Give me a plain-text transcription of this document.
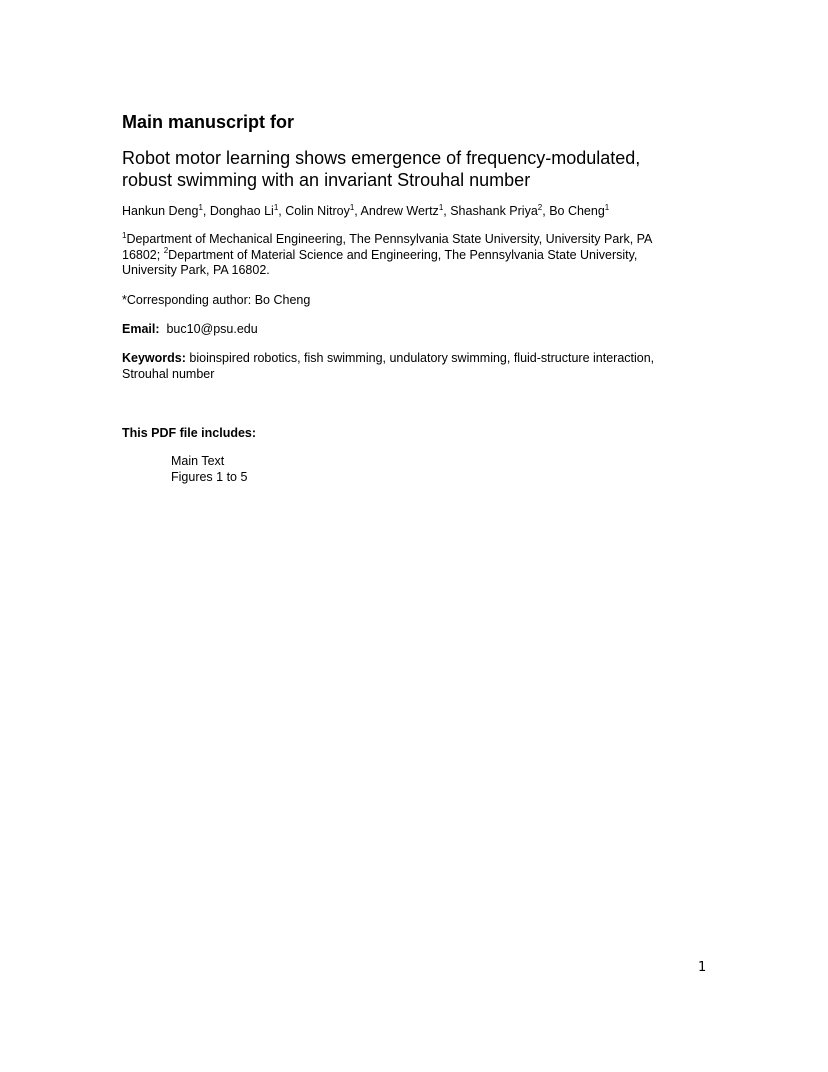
Main manuscript for
Robot motor learning shows emergence of frequency-modulated,
robust swimming with an invariant Strouhal number
Hankun Deng$^1$, Donghao Li$^1$, Colin Nitroy$^1$, Andrew Wertz$^1$, Shashank Priya$^2$, Bo Cheng$^1$
$^1$Department of Mechanical Engineering, The Pennsylvania State University, University Park, PA
16802; $^2$Department of Material Science and Engineering, The Pennsylvania State University,
University Park, PA 16802.
*Corresponding author: Bo Cheng
Email: buc10@psu.edu
Keywords: bioinspired robotics, fish swimming, undulatory swimming, fluid-structure interaction,
Strouhal number
This PDF file includes:
Main Text
Figures 1 to 5
1
